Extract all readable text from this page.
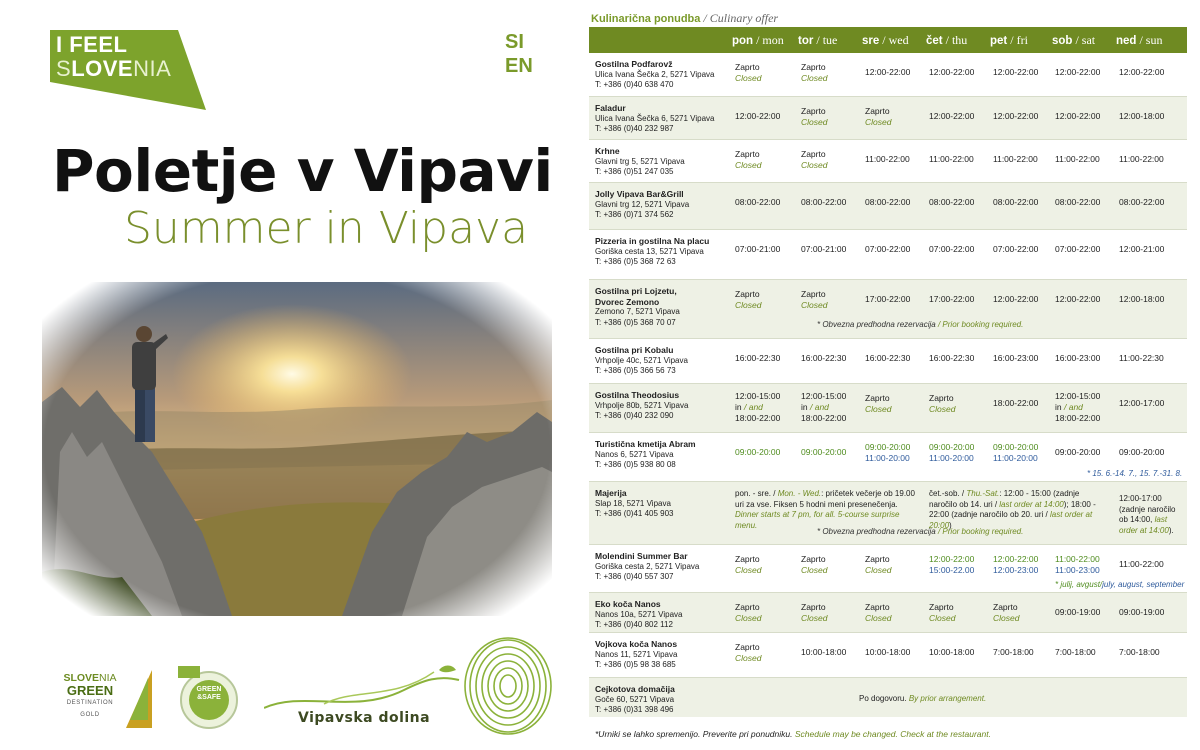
I FEEL
SLOVENIA
SI
EN
Poletje v Vipavi
Summer in Vipava
SLOVENIA
GREEN
DESTINATION
GOLD
GREEN
&SAFE
Vipavska dolina
Kulinarična ponudba / Culinary offer
pon / mon tor / tue sre / wed čet / thu pet / fri sob / sat ned / sun
Gostilna Podfarovž
Ulica Ivana Šečka 2, 5271 Vipava
T: +386 (0)40 638 470
Zaprto
Closed
Zaprto
Closed
12:00-22:00 12:00-22:00 12:00-22:00 12:00-22:00 12:00-22:00
Faladur
Ulica Ivana Šečka 6, 5271 Vipava
T: +386 (0)40 232 987
12:00-22:00 Zaprto
Closed
Zaprto
Closed
12:00-22:00 12:00-22:00 12:00-22:00 12:00-18:00
Krhne
Glavni trg 5, 5271 Vipava
T: +386 (0)51 247 035
Zaprto
Closed
Zaprto
Closed
11:00-22:00 11:00-22:00 11:00-22:00 11:00-22:00 11:00-22:00
Jolly Vipava Bar&Grill
Glavni trg 12, 5271 Vipava
T: +386 (0)71 374 562
08:00-22:00 08:00-22:00 08:00-22:00 08:00-22:00 08:00-22:00 08:00-22:00 08:00-22:00
Pizzeria in gostilna Na placu
Goriška cesta 13, 5271 Vipava
T: +386 (0)5 368 72 63
07:00-21:00 07:00-21:00 07:00-22:00 07:00-22:00 07:00-22:00 07:00-22:00 12:00-21:00
Gostilna pri Lojzetu,
Dvorec Zemono
Zemono 7, 5271 Vipava
T: +386 (0)5 368 70 07
Zaprto
Closed
Zaprto
Closed
17:00-22:00 17:00-22:00 12:00-22:00 12:00-22:00 12:00-18:00
* Obvezna predhodna rezervacija / Prior booking required.
Gostilna pri Kobalu
Vrhpolje 40c, 5271 Vipava
T: +386 (0)5 366 56 73
16:00-22:30 16:00-22:30 16:00-22:30 16:00-22:30 16:00-23:00 16:00-23:00 11:00-22:30
Gostilna Theodosius
Vrhpolje 80b, 5271 Vipava
T: +386 (0)40 232 090
12:00-15:00
in / and
18:00-22:00
12:00-15:00
in / and
18:00-22:00
Zaprto
Closed
Zaprto
Closed
18:00-22:00
12:00-15:00
in / and
18:00-22:00
12:00-17:00
Turistična kmetija Abram
Nanos 6, 5271 Vipava
T: +386 (0)5 938 80 08
09:00-20:00 09:00-20:00 09:00-20:00
11:00-20:00
09:00-20:00
11:00-20:00
09:00-20:00
11:00-20:00
09:00-20:00 09:00-20:00
* 15. 6.-14. 7., 15. 7.-31. 8.
Majerija
Slap 18, 5271 Vipava
T: +386 (0)41 405 903
* Obvezna predhodna rezervacija / Prior booking required.
pon. - sre. / Mon. - Wed.: pričetek večerje ob 19.00 uri za vse. Fiksen 5 hodni meni presenečenja. Dinner starts at 7 pm, for all. 5-course surprise menu.
čet.-sob. / Thu.-Sat.: 12:00 - 15:00 (zadnje naročilo ob 14. uri / last order at 14:00); 18:00 - 22:00 (zadnje naročilo ob 20. uri / last order at 20:00)
12:00-17:00 (zadnje naročilo ob 14:00, last order at 14:00).
Molendini Summer Bar
Goriška cesta 2, 5271 Vipava
T: +386 (0)40 557 307
Zaprto
Closed
Zaprto
Closed
Zaprto
Closed
12:00-22:00
15:00-22.00
12:00-22:00
12:00-23:00
11:00-22:00
11:00-23:00
11:00-22:00
* julij, avgust/july, august, september
Eko koča Nanos
Nanos 10a, 5271 Vipava
T: +386 (0)40 802 112
Zaprto
Closed
Zaprto
Closed
Zaprto
Closed
Zaprto
Closed
Zaprto
Closed
09:00-19:00 09:00-19:00
Vojkova koča Nanos
Nanos 11, 5271 Vipava
T: +386 (0)5 98 38 685
Zaprto
Closed
10:00-18:00 10:00-18:00 10:00-18:00 7:00-18:00	7:00-18:00	7:00-18:00
Cejkotova domačija
Goče 60, 5271 Vipava
T: +386 (0)31 398 496
Po dogovoru. By prior arrangement.
*Urniki se lahko spremenijo. Preverite pri ponudniku. Schedule may be changed. Check at the restaurant.
